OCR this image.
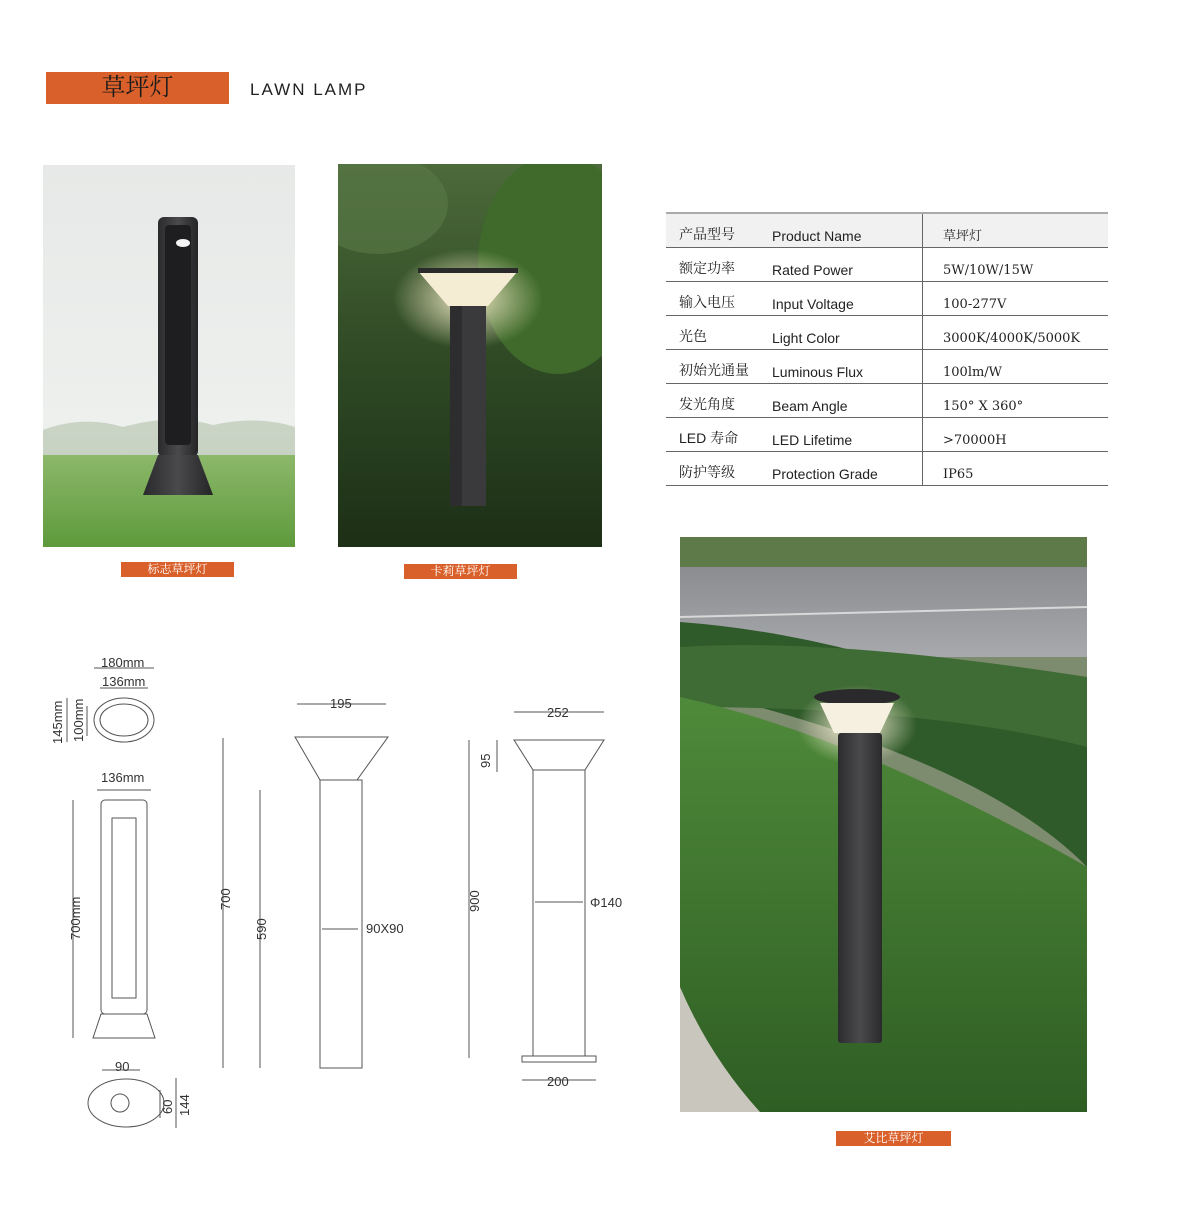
草坪灯	LAWN LAMP
标志草坪灯	卡莉草坪灯
产品型号	Product Name	草坪灯
额定功率	Rated Power	5W/10W/15W
输入电压	Input Voltage	100-277V
光色	Light Color	3000K/4000K/5000K
初始光通量	Luminous Flux	100lm/W
发光角度	Beam Angle	150° X 360°
LED 寿命	LED Lifetime	>70000H
防护等级	Protection Grade	IP65
艾比草坪灯
180mm
136mm
145mm 100mm
136mm
700mm
90
60 144
195
700
590	90X90
252
95
900	Φ140
200
